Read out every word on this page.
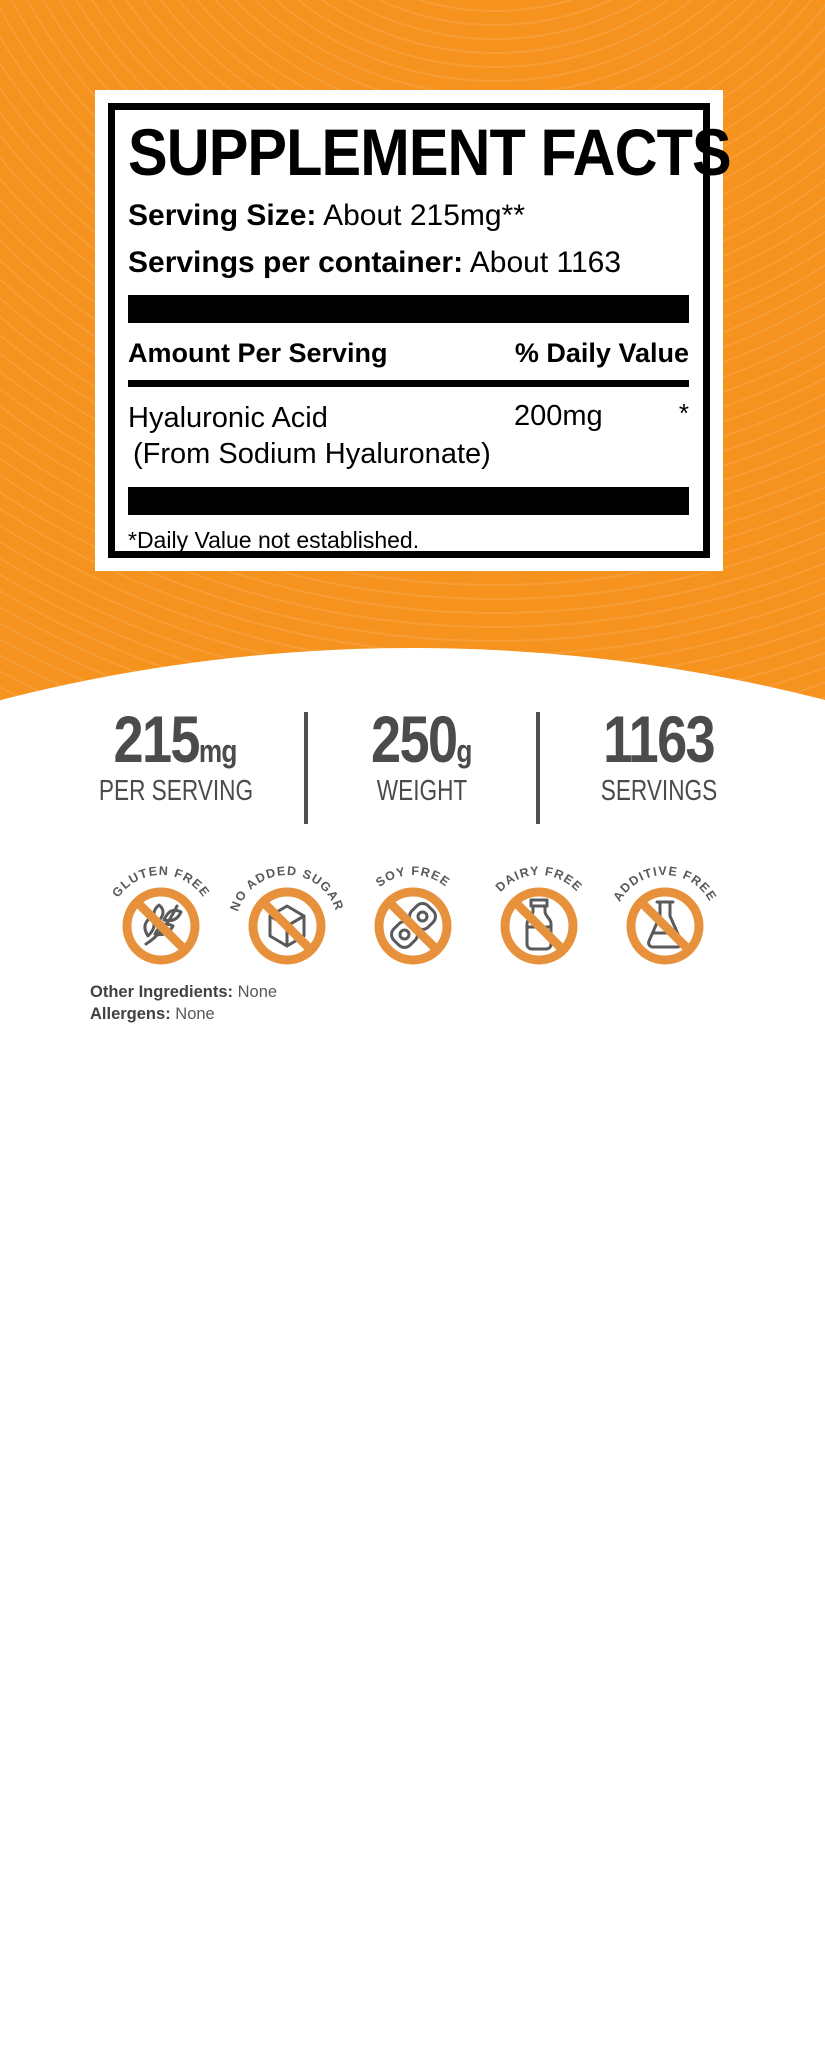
SUPPLEMENT FACTS
Serving Size: About 215mg**
Servings per container: About 1163
Amount Per Serving	% Daily Value
Hyaluronic Acid
(From Sodium Hyaluronate)
200mg	*
*Daily Value not established.
215 mg
PER SERVING
250 g
WEIGHT
1163
SERVINGS
GLUTEN FREE
NO ADDED SUGAR
SOY FREE	DAIRY FREE
ADDITIVE FREE
Other Ingredients: None
Allergens: None
